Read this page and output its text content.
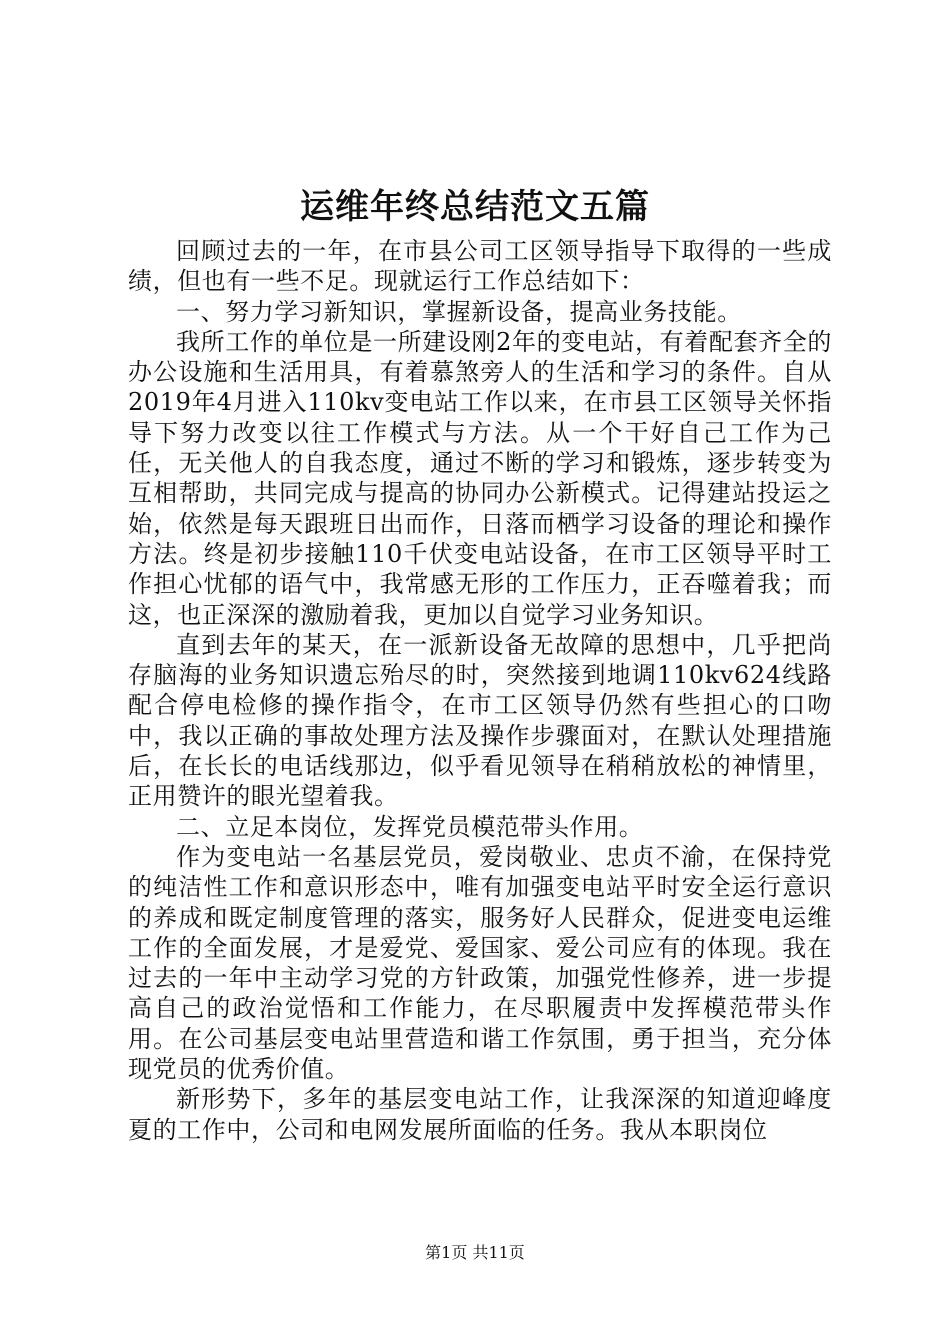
运维年终总结范文五篇

回顾过去的一年，在市县公司工区领导指导下取得的一些成绩，但也有一些不足。现就运行工作总结如下：

一、努力学习新知识，掌握新设备，提高业务技能。

我所工作的单位是一所建设刚2年的变电站，有着配套齐全的办公设施和生活用具，有着慕煞旁人的生活和学习的条件。自从2019年4月进入110kv变电站工作以来，在市县工区领导关怀指导下努力改变以往工作模式与方法。从一个干好自己工作为己任，无关他人的自我态度，通过不断的学习和锻炼，逐步转变为互相帮助，共同完成与提高的协同办公新模式。记得建站投运之始，依然是每天跟班日出而作，日落而栖学习设备的理论和操作方法。终是初步接触110千伏变电站设备，在市工区领导平时工作担心忧郁的语气中，我常感无形的工作压力，正吞噬着我；而这，也正深深的激励着我，更加以自觉学习业务知识。

直到去年的某天，在一派新设备无故障的思想中，几乎把尚存脑海的业务知识遗忘殆尽的时，突然接到地调110kv624线路配合停电检修的操作指令，在市工区领导仍然有些担心的口吻中，我以正确的事故处理方法及操作步骤面对，在默认处理措施后，在长长的电话线那边，似乎看见领导在稍稍放松的神情里，正用赞许的眼光望着我。

二、立足本岗位，发挥党员模范带头作用。

作为变电站一名基层党员，爱岗敬业、忠贞不渝，在保持党的纯洁性工作和意识形态中，唯有加强变电站平时安全运行意识的养成和既定制度管理的落实，服务好人民群众，促进变电运维工作的全面发展，才是爱党、爱国家、爱公司应有的体现。我在过去的一年中主动学习党的方针政策，加强党性修养，进一步提高自己的政治觉悟和工作能力，在尽职履责中发挥模范带头作用。在公司基层变电站里营造和谐工作氛围，勇于担当，充分体现党员的优秀价值。

新形势下，多年的基层变电站工作，让我深深的知道迎峰度夏的工作中，公司和电网发展所面临的任务。我从本职岗位

第1页 共11页
